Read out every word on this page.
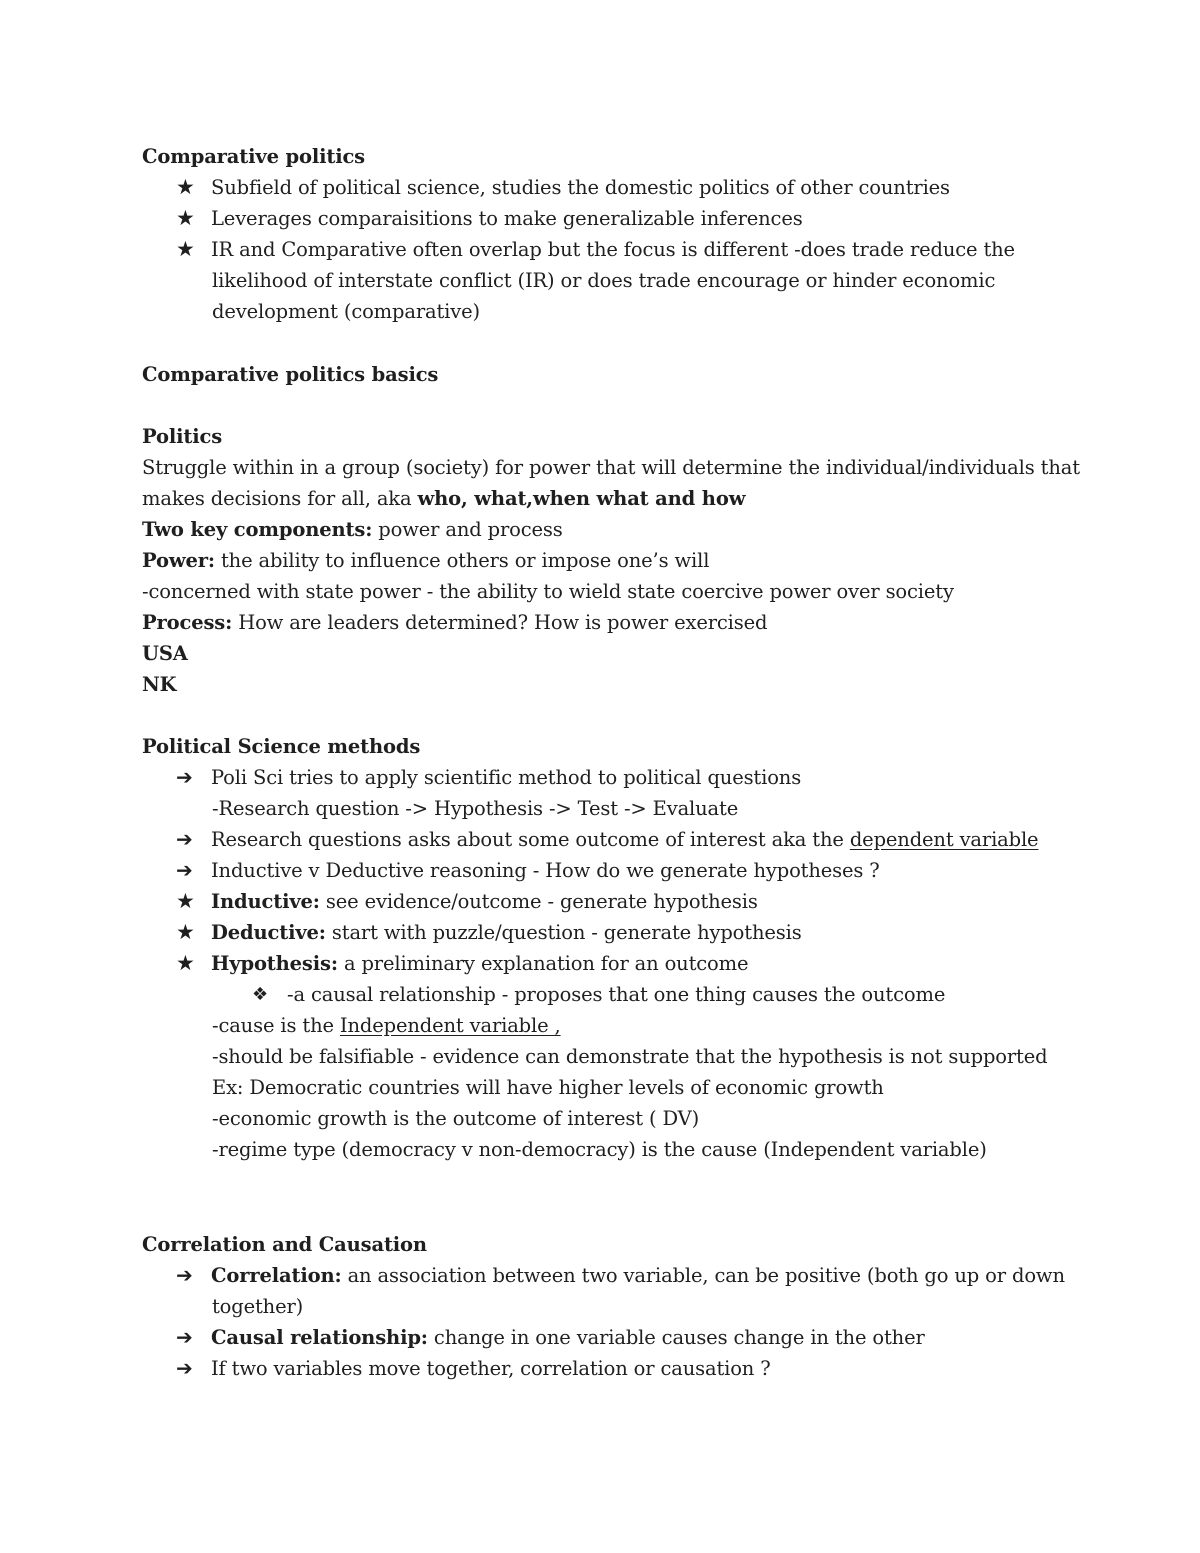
Comparative politics
★ Subfield of political science, studies the domestic politics of other countries
★ Leverages comparaisitions to make generalizable inferences
★ IR and Comparative often overlap but the focus is different -does trade reduce the
likelihood of interstate conflict (IR) or does trade encourage or hinder economic
development (comparative)
Comparative politics basics
Politics
Struggle within in a group (society) for power that will determine the individual/individuals that
makes decisions for all, aka who, what,when what and how
Two key components: power and process
Power: the ability to influence others or impose one’s will
-concerned with state power - the ability to wield state coercive power over society
Process: How are leaders determined? How is power exercised
USA
NK
Political Science methods
➔ Poli Sci tries to apply scientific method to political questions
-Research question -> Hypothesis -> Test -> Evaluate
➔ Research questions asks about some outcome of interest aka the dependent variable
➔ Inductive v Deductive reasoning - How do we generate hypotheses ?
★ Inductive: see evidence/outcome - generate hypothesis
★ Deductive: start with puzzle/question - generate hypothesis
★ Hypothesis: a preliminary explanation for an outcome
❖ -a causal relationship - proposes that one thing causes the outcome
-cause is the Independent variable ,
-should be falsifiable - evidence can demonstrate that the hypothesis is not supported
Ex: Democratic countries will have higher levels of economic growth
-economic growth is the outcome of interest ( DV)
-regime type (democracy v non-democracy) is the cause (Independent variable)
Correlation and Causation
➔ Correlation: an association between two variable, can be positive (both go up or down
together)
➔ Causal relationship: change in one variable causes change in the other
➔ If two variables move together, correlation or causation ?
